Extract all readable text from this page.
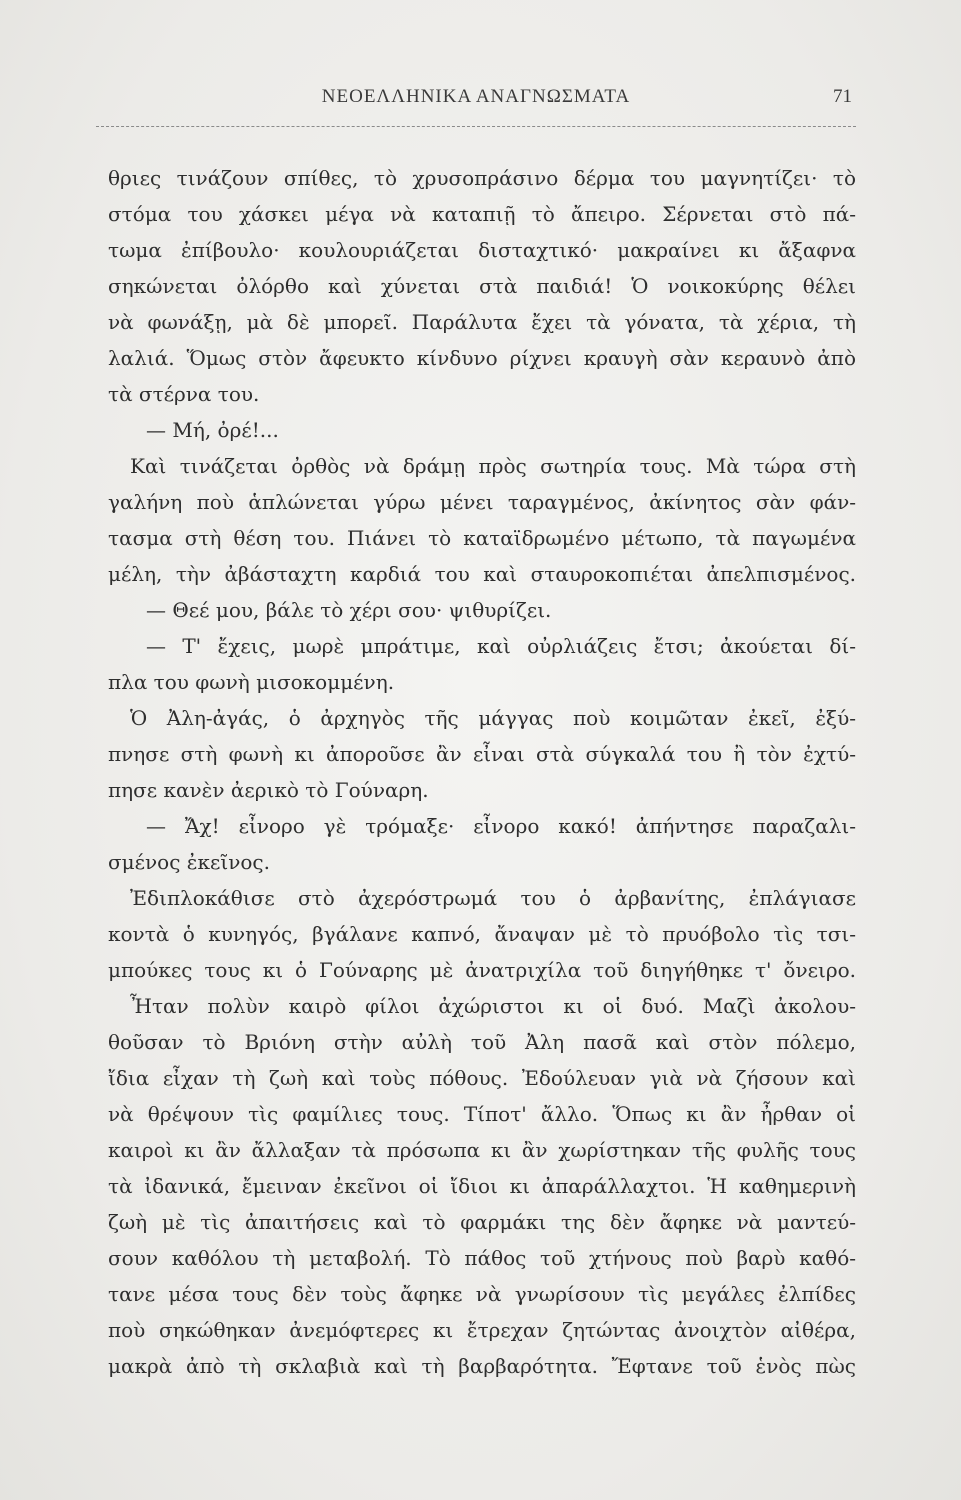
ΝΕΟΕΛΛΗΝΙΚΑ ΑΝΑΓΝΩΣΜΑΤΑ	71
θριες τινάζουν σπίθες, τὸ χρυσοπράσινο δέρμα του μαγνητίζει· τὸ
στόμα του χάσκει μέγα νὰ καταπιῇ τὸ ἄπειρο. Σέρνεται στὸ πά-
τωμα ἐπίβουλο· κουλουριάζεται δισταχτικό· μακραίνει κι ἄξαφνα
σηκώνεται ὀλόρθο καὶ χύνεται στὰ παιδιά! Ὁ νοικοκύρης θέλει
νὰ φωνάξῃ, μὰ δὲ μπορεῖ. Παράλυτα ἔχει τὰ γόνατα, τὰ χέρια, τὴ
λαλιά. Ὅμως στὸν ἄφευκτο κίνδυνο ρίχνει κραυγὴ σὰν κεραυνὸ ἀπὸ
τὰ στέρνα του.
— Μή, ὀρέ!...
Καὶ τινάζεται ὀρθὸς νὰ δράμῃ πρὸς σωτηρία τους. Μὰ τώρα στὴ
γαλήνη ποὺ ἁπλώνεται γύρω μένει ταραγμένος, ἀκίνητος σὰν φάν-
τασμα στὴ θέση του. Πιάνει τὸ καταϊδρωμένο μέτωπο, τὰ παγωμένα
μέλη, τὴν ἀβάσταχτη καρδιά του καὶ σταυροκοπιέται ἀπελπισμένος.
— Θεέ μου, βάλε τὸ χέρι σου· ψιθυρίζει.
— Τ' ἔχεις, μωρὲ μπράτιμε, καὶ οὐρλιάζεις ἔτσι; ἀκούεται δί-
πλα του φωνὴ μισοκομμένη.
Ὁ Ἀλη-ἀγάς, ὁ ἀρχηγὸς τῆς μάγγας ποὺ κοιμῶταν ἐκεῖ, ἐξύ-
πνησε στὴ φωνὴ κι ἀποροῦσε ἂν εἶναι στὰ σύγκαλά του ἢ τὸν ἐχτύ-
πησε κανὲν ἀερικὸ τὸ Γούναρη.
— Ἄχ! εἶνορο γὲ τρόμαξε· εἶνορο κακό! ἀπήντησε παραζαλι-
σμένος ἐκεῖνος.
Ἐδιπλοκάθισε στὸ ἀχερόστρωμά του ὁ ἀρβανίτης, ἐπλάγιασε
κοντὰ ὁ κυνηγός, βγάλανε καπνό, ἄναψαν μὲ τὸ πρυόβολο τὶς τσι-
μπούκες τους κι ὁ Γούναρης μὲ ἀνατριχίλα τοῦ διηγήθηκε τ' ὄνειρο.
Ἦταν πολὺν καιρὸ φίλοι ἀχώριστοι κι οἱ δυό. Μαζὶ ἀκολου-
θοῦσαν τὸ Βριόνη στὴν αὐλὴ τοῦ Ἀλη πασᾶ καὶ στὸν πόλεμο,
ἴδια εἶχαν τὴ ζωὴ καὶ τοὺς πόθους. Ἐδούλευαν γιὰ νὰ ζήσουν καὶ
νὰ θρέψουν τὶς φαμίλιες τους. Τίποτ' ἄλλο. Ὅπως κι ἂν ἦρθαν οἱ
καιροὶ κι ἂν ἄλλαξαν τὰ πρόσωπα κι ἂν χωρίστηκαν τῆς φυλῆς τους
τὰ ἰδανικά, ἔμειναν ἐκεῖνοι οἱ ἴδιοι κι ἀπαράλλαχτοι. Ἡ καθημερινὴ
ζωὴ μὲ τὶς ἀπαιτήσεις καὶ τὸ φαρμάκι της δὲν ἄφηκε νὰ μαντεύ-
σουν καθόλου τὴ μεταβολή. Τὸ πάθος τοῦ χτήνους ποὺ βαρὺ καθό-
τανε μέσα τους δὲν τοὺς ἄφηκε νὰ γνωρίσουν τὶς μεγάλες ἐλπίδες
ποὺ σηκώθηκαν ἀνεμόφτερες κι ἔτρεχαν ζητώντας ἀνοιχτὸν αἰθέρα,
μακρὰ ἀπὸ τὴ σκλαβιὰ καὶ τὴ βαρβαρότητα. Ἔφτανε τοῦ ἑνὸς πὼς
